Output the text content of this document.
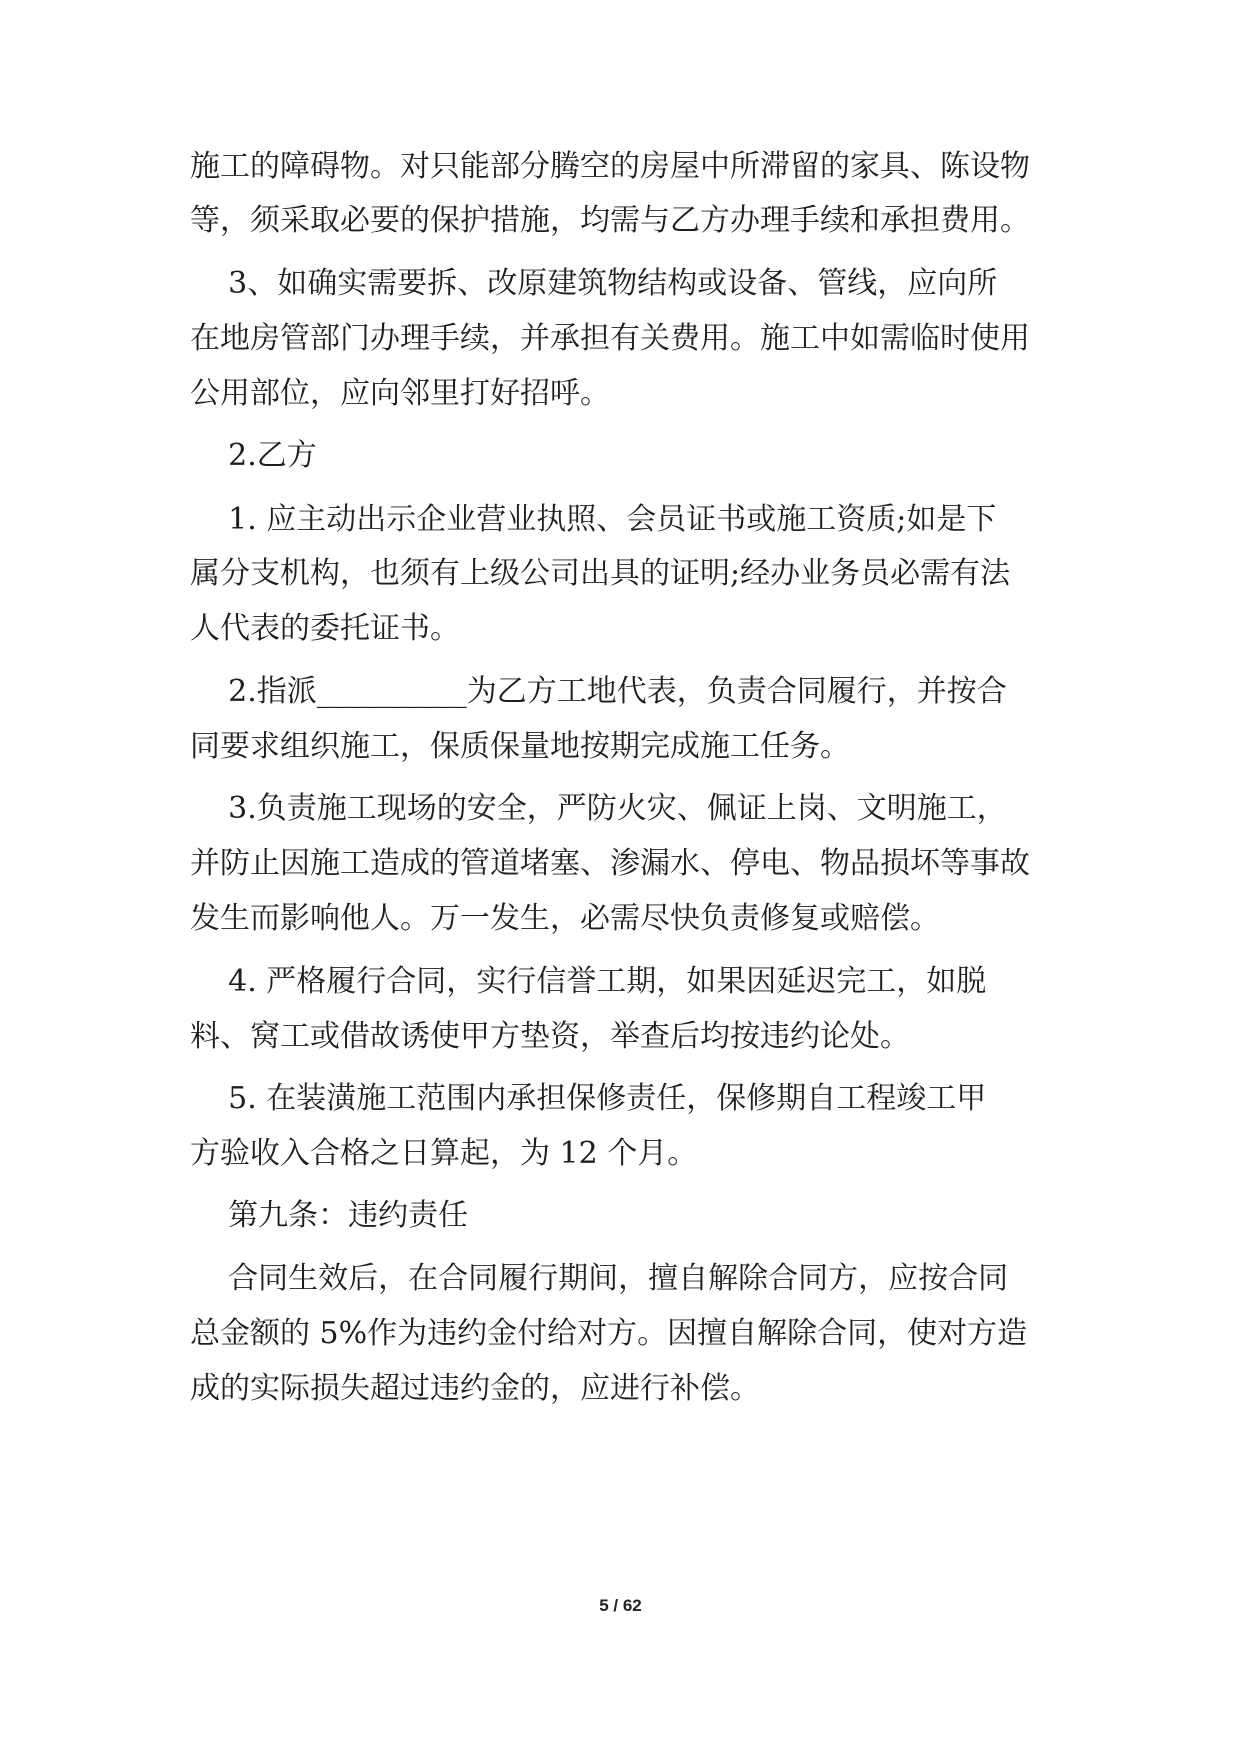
施工的障碍物。对只能部分腾空的房屋中所滞留的家具、陈设物
等，须采取必要的保护措施，均需与乙方办理手续和承担费用。
3、如确实需要拆、改原建筑物结构或设备、管线，应向所
在地房管部门办理手续，并承担有关费用。施工中如需临时使用
公用部位，应向邻里打好招呼。
2.乙方
1. 应主动出示企业营业执照、会员证书或施工资质;如是下
属分支机构，也须有上级公司出具的证明;经办业务员必需有法
人代表的委托证书。
2.指派__________为乙方工地代表，负责合同履行，并按合
同要求组织施工，保质保量地按期完成施工任务。
3.负责施工现场的安全，严防火灾、佩证上岗、文明施工，
并防止因施工造成的管道堵塞、渗漏水、停电、物品损坏等事故
发生而影响他人。万一发生，必需尽快负责修复或赔偿。
4. 严格履行合同，实行信誉工期，如果因延迟完工，如脱
料、窝工或借故诱使甲方垫资，举查后均按违约论处。
5. 在装潢施工范围内承担保修责任，保修期自工程竣工甲
方验收入合格之日算起，为 12 个月。
第九条：违约责任
合同生效后，在合同履行期间，擅自解除合同方，应按合同
总金额的 5%作为违约金付给对方。因擅自解除合同，使对方造
成的实际损失超过违约金的，应进行补偿。
5 / 62
